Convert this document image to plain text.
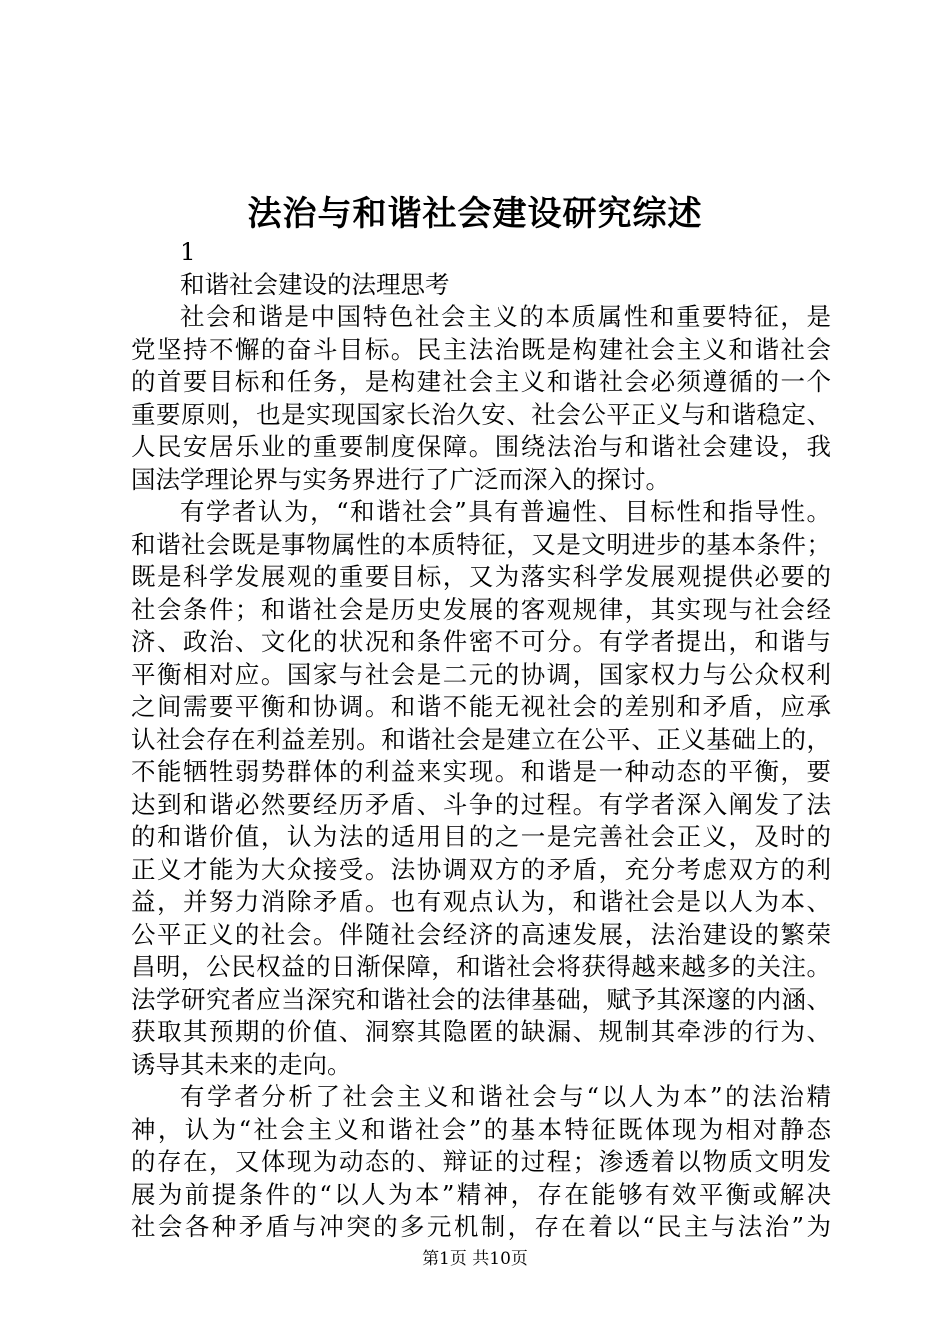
法治与和谐社会建设研究综述
1
和谐社会建设的法理思考
社会和谐是中国特色社会主义的本质属性和重要特征，是
党坚持不懈的奋斗目标。民主法治既是构建社会主义和谐社会
的首要目标和任务，是构建社会主义和谐社会必须遵循的一个
重要原则，也是实现国家长治久安、社会公平正义与和谐稳定、
人民安居乐业的重要制度保障。围绕法治与和谐社会建设，我
国法学理论界与实务界进行了广泛而深入的探讨。
有学者认为，“和谐社会”具有普遍性、目标性和指导性。
和谐社会既是事物属性的本质特征，又是文明进步的基本条件；
既是科学发展观的重要目标，又为落实科学发展观提供必要的
社会条件；和谐社会是历史发展的客观规律，其实现与社会经
济、政治、文化的状况和条件密不可分。有学者提出，和谐与
平衡相对应。国家与社会是二元的协调，国家权力与公众权利
之间需要平衡和协调。和谐不能无视社会的差别和矛盾，应承
认社会存在利益差别。和谐社会是建立在公平、正义基础上的，
不能牺牲弱势群体的利益来实现。和谐是一种动态的平衡，要
达到和谐必然要经历矛盾、斗争的过程。有学者深入阐发了法
的和谐价值，认为法的适用目的之一是完善社会正义，及时的
正义才能为大众接受。法协调双方的矛盾，充分考虑双方的利
益，并努力消除矛盾。也有观点认为，和谐社会是以人为本、
公平正义的社会。伴随社会经济的高速发展，法治建设的繁荣
昌明，公民权益的日渐保障，和谐社会将获得越来越多的关注。
法学研究者应当深究和谐社会的法律基础，赋予其深邃的内涵、
获取其预期的价值、洞察其隐匿的缺漏、规制其牵涉的行为、
诱导其未来的走向。
有学者分析了社会主义和谐社会与“以人为本”的法治精
神，认为“社会主义和谐社会”的基本特征既体现为相对静态
的存在，又体现为动态的、辩证的过程；渗透着以物质文明发
展为前提条件的“以人为本”精神，存在能够有效平衡或解决
社会各种矛盾与冲突的多元机制，存在着以“民主与法治”为
第1页 共10页
